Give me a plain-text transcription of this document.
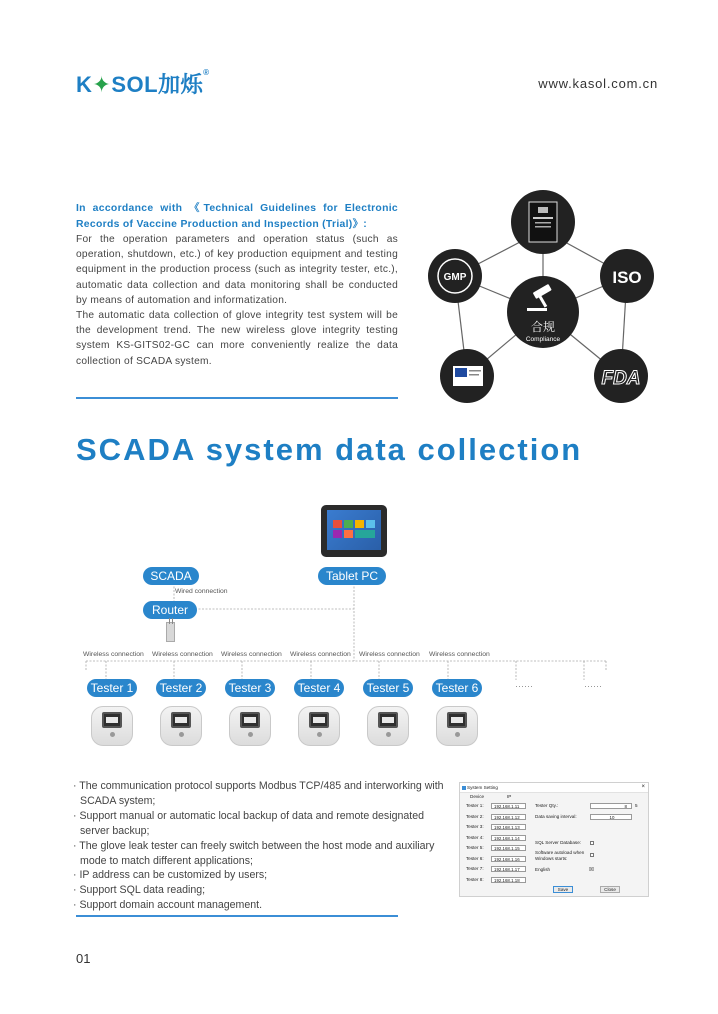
K✦SOL加烁®
www.kasol.com.cn
In accordance with 《Technical Guidelines for Electronic Records of Vaccine Production and Inspection (Trial)》:

For the operation parameters and operation status (such as operation, shutdown, etc.) of key production equipment and testing equipment in the production process (such as integrity tester, etc.), automatic data collection and data monitoring shall be conducted by means of automation and informatization.

The automatic data collection of glove integrity test system will be the development trend. The new wireless glove integrity testing system KS-GITS02-GC can more conveniently realize the data collection of SCADA system.

GMP	ISO
FDA
合规
Compliance
SCADA system data collection
SCADA	Tablet PC
Wired connection
Router
Wireless connection Wireless connection Wireless connection Wireless connection Wireless connection Wireless connection
Tester 1	Tester 2	Tester 3	Tester 4	Tester 5	Tester 6	······	······
· The communication protocol supports Modbus TCP/485 and interworking with SCADA system;
· Support manual or automatic local backup of data and remote designated server backup;
· The glove leak tester can freely switch between the host mode and auxiliary mode to match different applications;
· IP address can be customized by users;
· Support SQL data reading;
· Support domain account management.
System Setting	×
Device	IP
Tester 1:	192.168.1.11
Tester 2:	192.168.1.12
Tester 3:	192.168.1.13
Tester 4:	192.168.1.14
Tester 5:	192.168.1.15
Tester 6:	192.168.1.16
Tester 7:	192.168.1.17
Tester 8:	192.168.1.18
Tester Qty.:	8	5
Data saving interval:	10
SQL Server Database:
Software autoload when Windows starts:
English	☒
Save	Close
01
